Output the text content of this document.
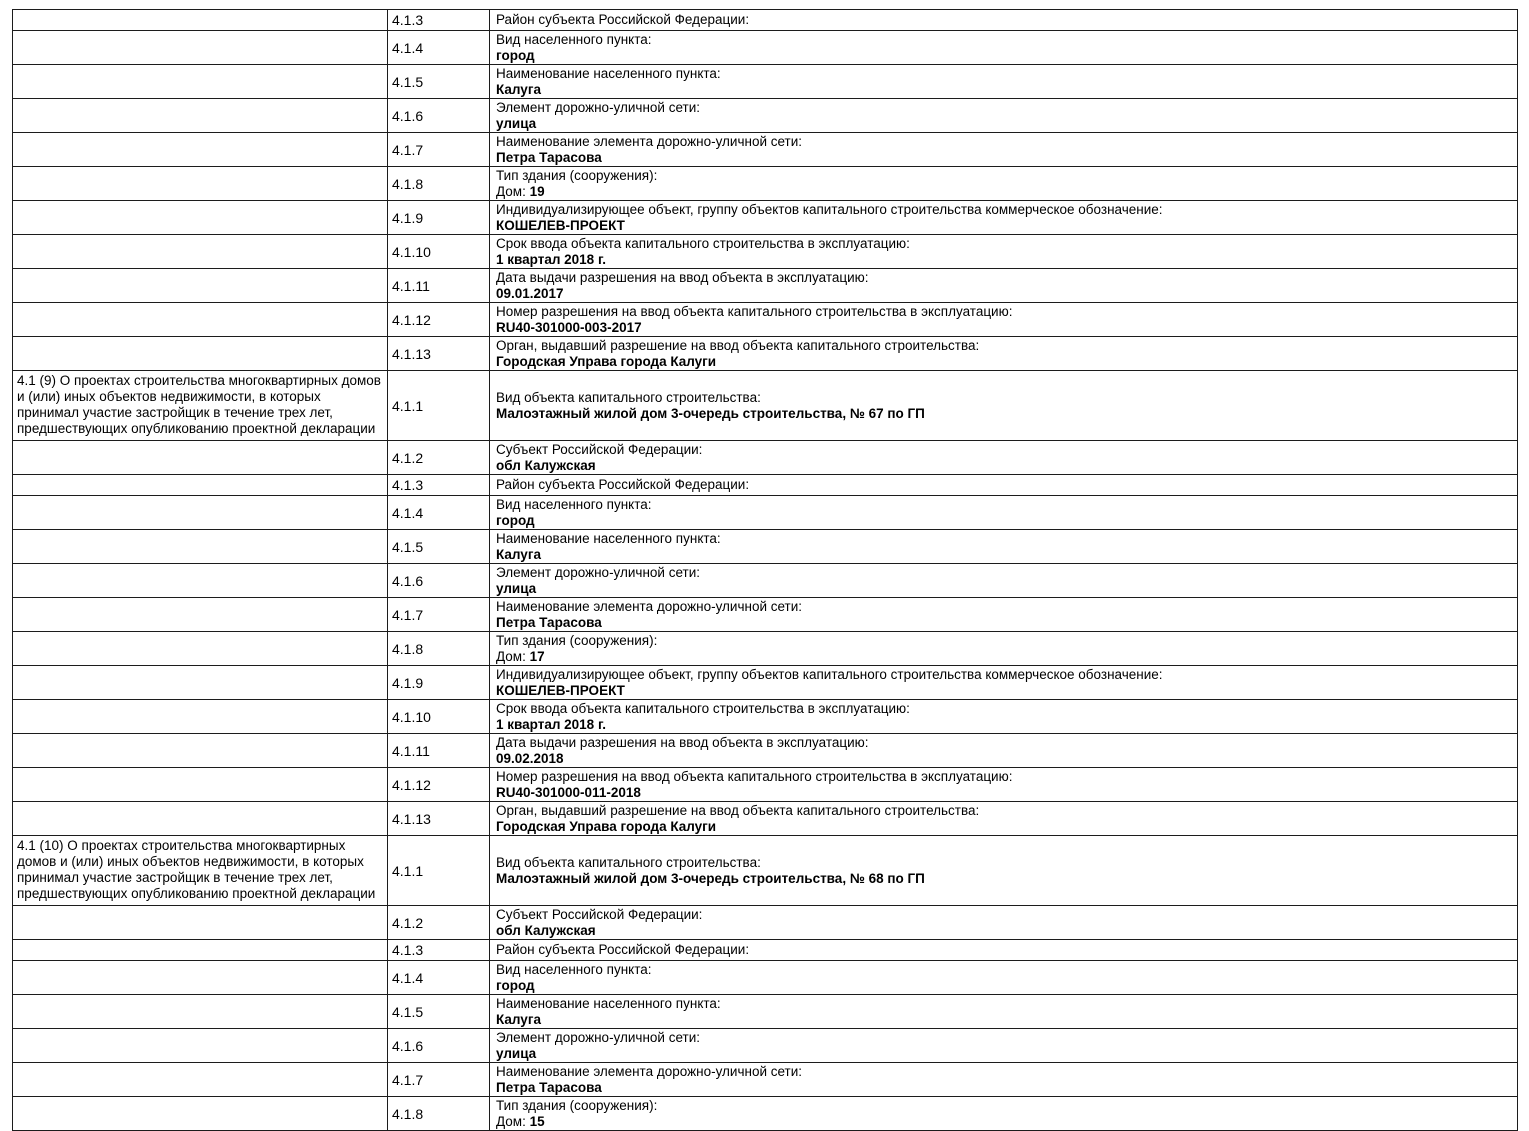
	4.1.3	Район субъекта Российской Федерации:

	4.1.4	Вид населенного пункта:
город

	4.1.5	Наименование населенного пункта:
Калуга

	4.1.6	Элемент дорожно-уличной сети:
улица

	4.1.7	Наименование элемента дорожно-уличной сети:
Петра Тарасова

	4.1.8	Тип здания (сооружения):
Дом: 19

	4.1.9	Индивидуализирующее объект, группу объектов капитального строительства коммерческое обозначение:
КОШЕЛЕВ-ПРОЕКТ

	4.1.10	Срок ввода объекта капитального строительства в эксплуатацию:
1 квартал 2018 г.

	4.1.11	Дата выдачи разрешения на ввод объекта в эксплуатацию:
09.01.2017

	4.1.12	Номер разрешения на ввод объекта капитального строительства в эксплуатацию:
RU40-301000-003-2017

	4.1.13	Орган, выдавший разрешение на ввод объекта капитального строительства:
Городская Управа города Калуги

4.1 (9) О проектах строительства многоквартирных домов и (или) иных объектов недвижимости, в которых принимал участие застройщик в течение трех лет, предшествующих опубликованию проектной декларации	4.1.1	Вид объекта капитального строительства:
Малоэтажный жилой дом 3-очередь строительства, № 67 по ГП

	4.1.2	Субъект Российской Федерации:
обл Калужская

	4.1.3	Район субъекта Российской Федерации:

	4.1.4	Вид населенного пункта:
город

	4.1.5	Наименование населенного пункта:
Калуга

	4.1.6	Элемент дорожно-уличной сети:
улица

	4.1.7	Наименование элемента дорожно-уличной сети:
Петра Тарасова

	4.1.8	Тип здания (сооружения):
Дом: 17

	4.1.9	Индивидуализирующее объект, группу объектов капитального строительства коммерческое обозначение:
КОШЕЛЕВ-ПРОЕКТ

	4.1.10	Срок ввода объекта капитального строительства в эксплуатацию:
1 квартал 2018 г.

	4.1.11	Дата выдачи разрешения на ввод объекта в эксплуатацию:
09.02.2018

	4.1.12	Номер разрешения на ввод объекта капитального строительства в эксплуатацию:
RU40-301000-011-2018

	4.1.13	Орган, выдавший разрешение на ввод объекта капитального строительства:
Городская Управа города Калуги

4.1 (10) О проектах строительства многоквартирных домов и (или) иных объектов недвижимости, в которых принимал участие застройщик в течение трех лет, предшествующих опубликованию проектной декларации	4.1.1	Вид объекта капитального строительства:
Малоэтажный жилой дом 3-очередь строительства, № 68 по ГП

	4.1.2	Субъект Российской Федерации:
обл Калужская

	4.1.3	Район субъекта Российской Федерации:

	4.1.4	Вид населенного пункта:
город

	4.1.5	Наименование населенного пункта:
Калуга

	4.1.6	Элемент дорожно-уличной сети:
улица

	4.1.7	Наименование элемента дорожно-уличной сети:
Петра Тарасова

	4.1.8	Тип здания (сооружения):
Дом: 15
